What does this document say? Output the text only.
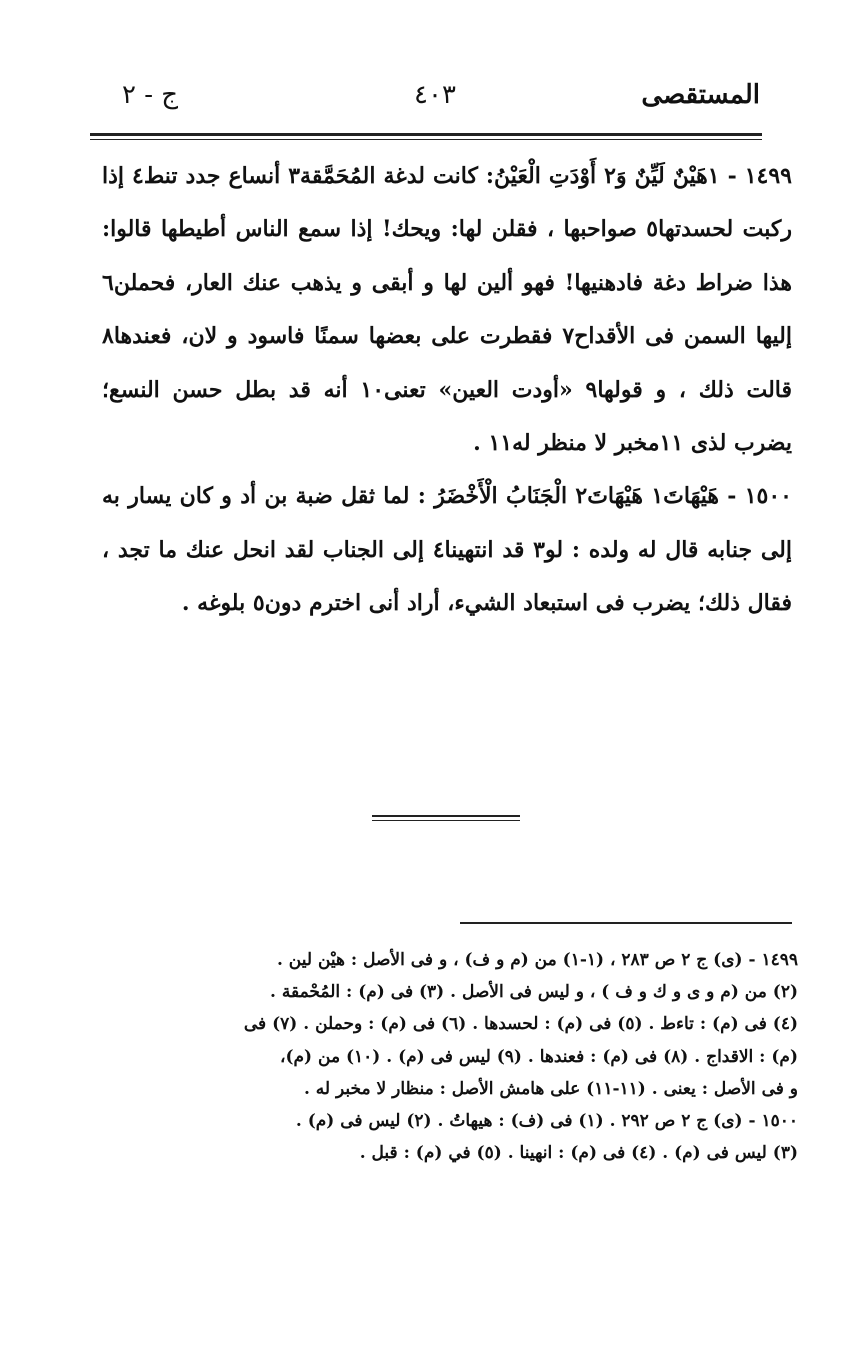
المستقصى
٤٠٣
ج - ٢

١٤٩٩ - ١هَيْنٌ لَيِّنٌ وَ٢ أَوْدَتِ الْعَيْنُ: كانت لدغة المُحَمَّقة٣ أنساع جدد تنط٤ إذا ركبت لحسدتها٥ صواحبها ، فقلن لها: ويحك! إذا سمع الناس أطيطها قالوا: هذا ضراط دغة فادهنيها! فهو ألين لها و أبقى و يذهب عنك العار، فحملن٦ إليها السمن فى الأقداح٧ فقطرت على بعضها سمنًا فاسود و لان، فعندها٨ قالت ذلك ، و قولها٩ «أودت العين» تعنى١٠ أنه قد بطل حسن النسع؛ يضرب لذى ١١مخبر لا منظر له١١ .

١٥٠٠ - هَيْهَاتَ١ هَيْهَاتَ٢ الْجَنَابُ الْأَخْضَرُ : لما ثقل ضبة بن أد و كان يسار به إلى جنابه قال له ولده : لو٣ قد انتهينا٤ إلى الجناب لقد انحل عنك ما تجد ، فقال ذلك؛ يضرب فى استبعاد الشيء، أراد أنى اخترم دون٥ بلوغه .

١٤٩٩ - (ى) ج ٢ ص ٢٨٣ ، (١-١) من (م و ف) ، و فى الأصل : هيْن لين .

(٢) من (م و ى و ك و ف ) ، و ليس فى الأصل . (٣) فى (م) : المُحْمقة .

(٤) فى (م) : تاءط . (٥) فى (م) : لحسدها . (٦) فى (م) : وحملن . (٧) فى

(م) : الاقداج . (٨) فى (م) : فعندها . (٩) ليس فى (م) . (١٠) من (م)،

و فى الأصل : يعنى . (١١-١١) على هامش الأصل : منظار لا مخبر له .

١٥٠٠ - (ى) ج ٢ ص ٢٩٢ . (١) فى (ف) : هيهاتُ . (٢) ليس فى (م) .

(٣) ليس فى (م) . (٤) فى (م) : انهينا . (٥) في (م) : قبل .
